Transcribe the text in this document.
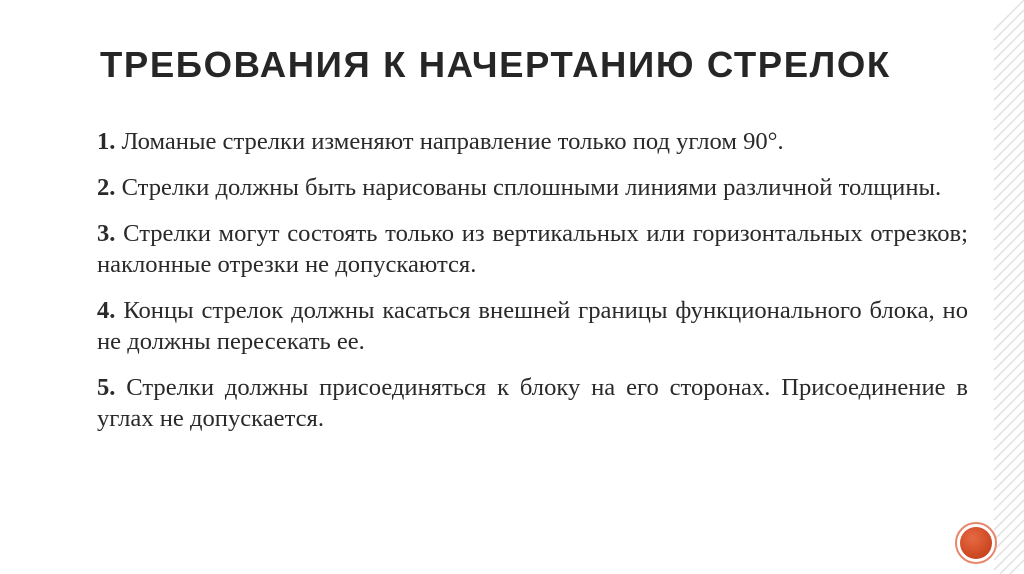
ТРЕБОВАНИЯ К НАЧЕРТАНИЮ СТРЕЛОК

1. Ломаные стрелки изменяют направление только под углом 90°.

2. Стрелки должны быть нарисованы сплошными линиями различной толщины.

3. Стрелки могут состоять только из вертикальных или горизонтальных отрезков; наклонные отрезки не допускаются.

4. Концы стрелок должны касаться внешней границы функционального блока, но не должны пересекать ее.

5. Стрелки должны присоединяться к блоку на его сторонах. Присоединение в углах не допускается.
